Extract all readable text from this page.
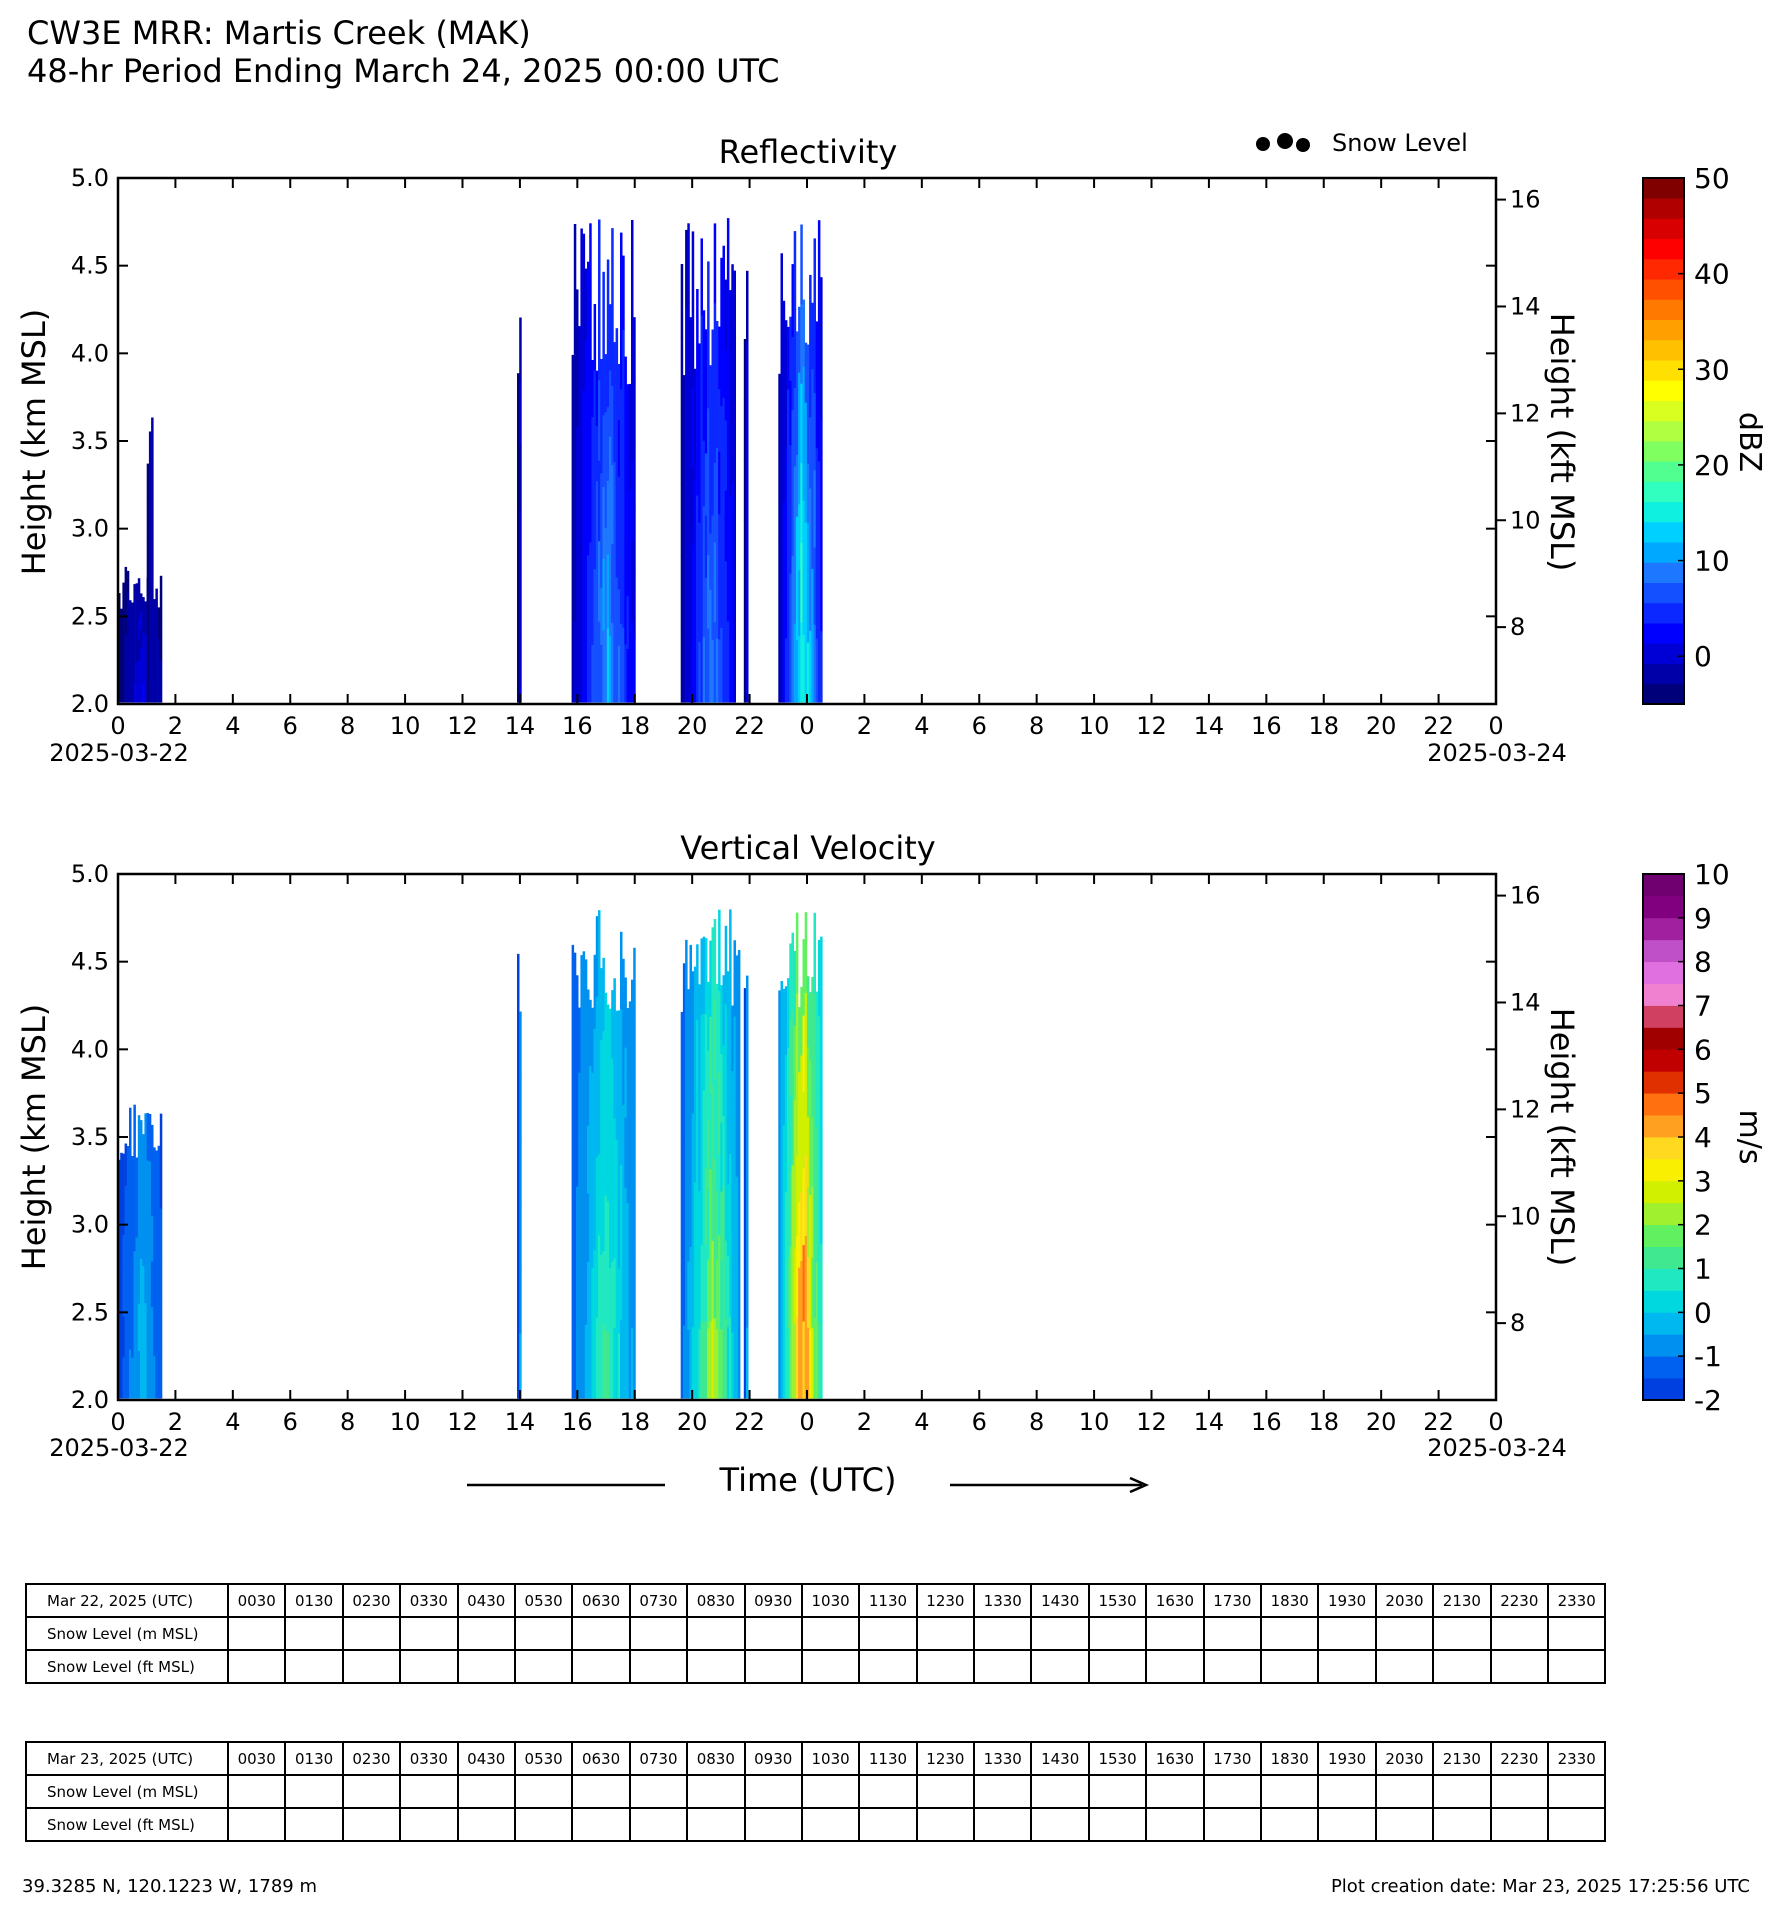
CW3E MRR: Martis Creek (MAK)
48-hr Period Ending March 24, 2025 00:00 UTC
Snow Level
Reflectivity
Height (km MSL)	Height (kft MSL)	dBZ
2025-03-22	2025-03-24
2.0
2.5
3.0
3.5
4.0
4.5
5.0
8
10
12
14
16
0 2 4 6 8 10 12 14 16 18 20 22 0 2 4 6 8 10 12 14 16 18 20 22 0
0
10
20
30
40
50
Vertical Velocity
Height (km MSL)	Height (kft MSL)	m/s
2025-03-22	2025-03-24
Time (UTC)
2.0
2.5
3.0
3.5
4.0
4.5
5.0
8
10
12
14
16
0 2 4 6 8 10 12 14 16 18 20 22 0 2 4 6 8 10 12 14 16 18 20 22 0
-2
-1
0
1
2
3
4
5
6
7
8
9
10
Mar 22, 2025 (UTC)	0030	0130	0230	0330	0430	0530	0630	0730	0830	0930	1030	1130	1230	1330	1430	1530	1630	1730	1830	1930	2030	2130	2230	2330
Snow Level (m MSL)																								
Snow Level (ft MSL)																								
Mar 23, 2025 (UTC)	0030	0130	0230	0330	0430	0530	0630	0730	0830	0930	1030	1130	1230	1330	1430	1530	1630	1730	1830	1930	2030	2130	2230	2330
Snow Level (m MSL)																								
Snow Level (ft MSL)																								
39.3285 N, 120.1223 W, 1789 m	Plot creation date: Mar 23, 2025 17:25:56 UTC
